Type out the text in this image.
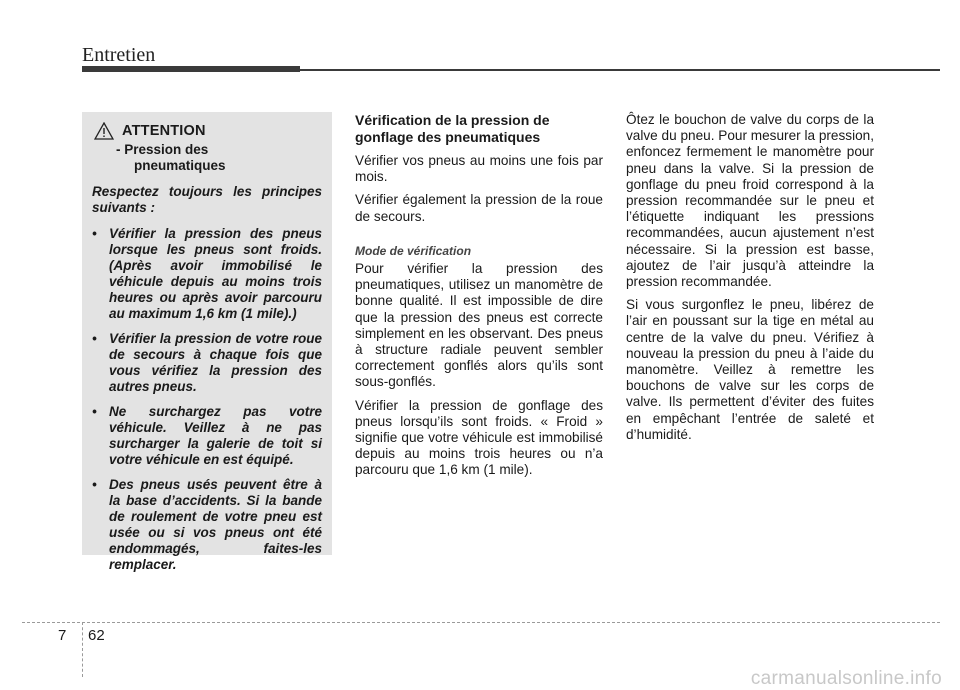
Entretien
ATTENTION
- Pression des
pneumatiques

Respectez toujours les principes suivants :

• Vérifier la pression des pneus lorsque les pneus sont froids. (Après avoir immobilisé le véhicule depuis au moins trois heures ou après avoir parcouru au maximum 1,6 km (1 mile).)
• Vérifier la pression de votre roue de secours à chaque fois que vous vérifiez la pression des autres pneus.
• Ne surchargez pas votre véhicule. Veillez à ne pas surcharger la galerie de toit si votre véhicule en est équipé.
• Des pneus usés peuvent être à la base d’accidents. Si la bande de roulement de votre pneu est usée ou si vos pneus ont été endommagés, faites-les remplacer.
Vérification de la pression de gonflage des pneumatiques

Vérifier vos pneus au moins une fois par mois.

Vérifier également la pression de la roue de secours.

Mode de vérification

Pour vérifier la pression des pneumatiques, utilisez un manomètre de bonne qualité. Il est impossible de dire que la pression des pneus est correcte simplement en les observant. Des pneus à structure radiale peuvent sembler correctement gonflés alors qu’ils sont sous-gonflés.

Vérifier la pression de gonflage des pneus lorsqu’ils sont froids. « Froid » signifie que votre véhicule est immobilisé depuis au moins trois heures ou n’a parcouru que 1,6 km (1 mile).

Ôtez le bouchon de valve du corps de la valve du pneu. Pour mesurer la pression, enfoncez fermement le manomètre pour pneu dans la valve. Si la pression de gonflage du pneu froid correspond à la pression recommandée sur le pneu et l’étiquette indiquant les pressions recommandées, aucun ajustement n’est nécessaire. Si la pression est basse, ajoutez de l’air jusqu’à atteindre la pression recommandée.

Si vous surgonflez le pneu, libérez de l’air en poussant sur la tige en métal au centre de la valve du pneu. Vérifiez à nouveau la pression du pneu à l’aide du manomètre. Veillez à remettre les bouchons de valve sur les corps de valve. Ils permettent d’éviter des fuites en empêchant l’entrée de saleté et d’humidité.

7 62
carmanualsonline.info
